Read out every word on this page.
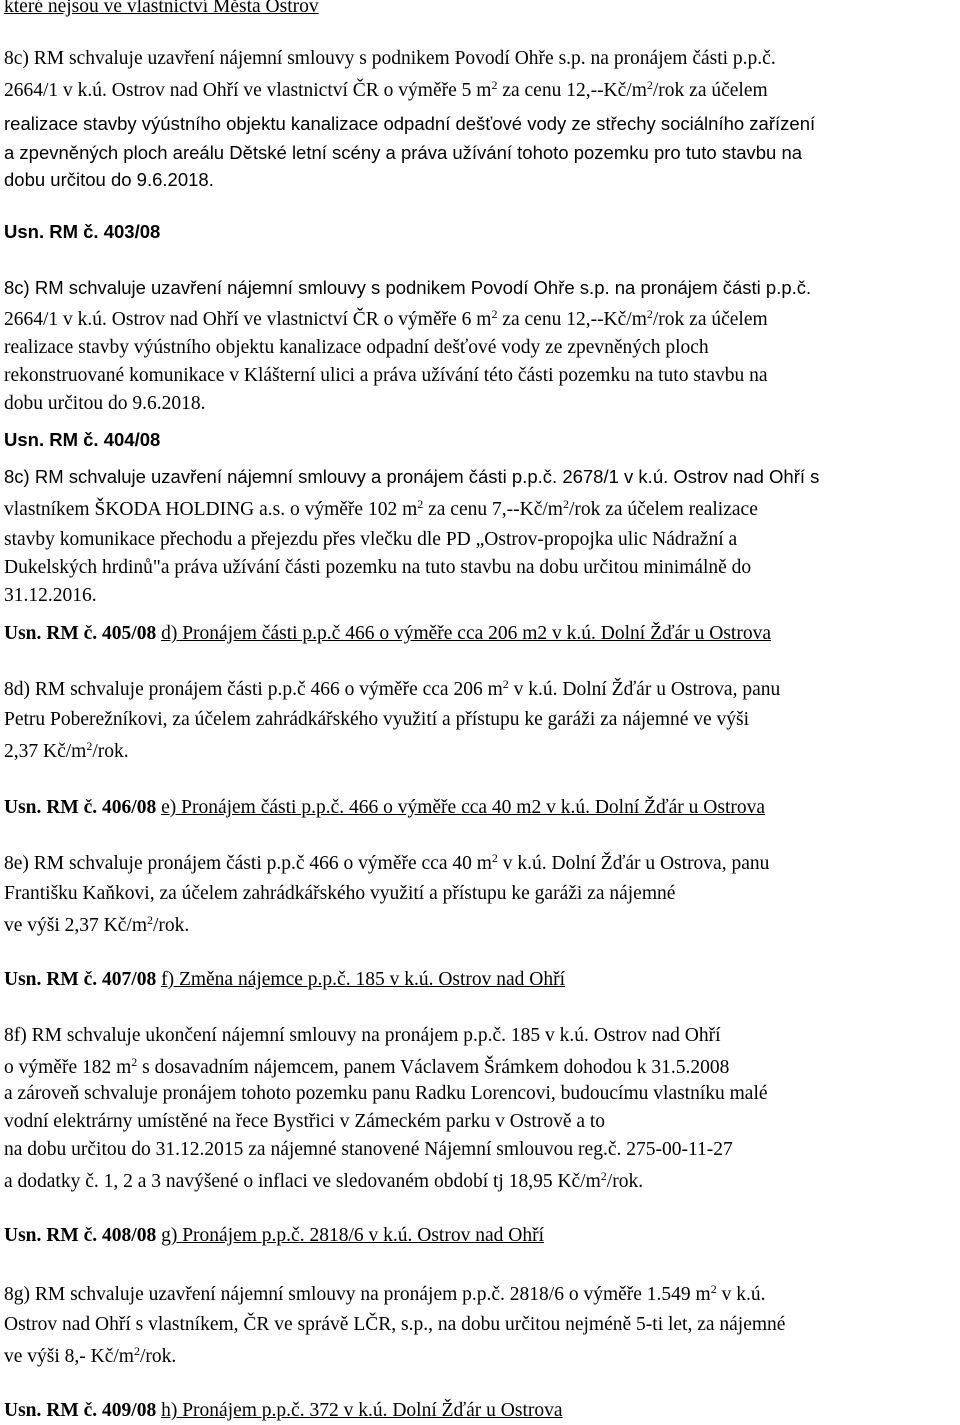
které nejsou ve vlastnictví Města Ostrov

8c) RM schvaluje uzavření nájemní smlouvy s podnikem Povodí Ohře s.p. na pronájem části p.p.č.

2664/1 v k.ú. Ostrov nad Ohří ve vlastnictví ČR o výměře 5 $m^2$ za cenu $12,--Kč/m^2$/rok za účelem

realizace stavby výústního objektu kanalizace odpadní dešťové vody ze střechy sociálního zařízení

a zpevněných ploch areálu Dětské letní scény a práva užívání tohoto pozemku pro tuto stavbu na

dobu určitou do 9.6.2018.

Usn. RM č. 403/08

8c) RM schvaluje uzavření nájemní smlouvy s podnikem Povodí Ohře s.p. na pronájem části p.p.č.

2664/1 v k.ú. Ostrov nad Ohří ve vlastnictví ČR o výměře 6 $m^2$ za cenu $12,--Kč/m^2$/rok za účelem

realizace stavby výústního objektu kanalizace odpadní dešťové vody ze zpevněných ploch

rekonstruované komunikace v Klášterní ulici a práva užívání této části pozemku na tuto stavbu na

dobu určitou do 9.6.2018.

Usn. RM č. 404/08

8c) RM schvaluje uzavření nájemní smlouvy a pronájem části p.p.č. 2678/1 v k.ú. Ostrov nad Ohří s

vlastníkem ŠKODA HOLDING a.s. o výměře 102 $m^2$ za cenu $7,--Kč/m^2$/rok za účelem realizace

stavby komunikace přechodu a přejezdu přes vlečku dle PD „Ostrov-propojka ulic Nádražní a

Dukelských hrdinů"a práva užívání části pozemku na tuto stavbu na dobu určitou minimálně do

31.12.2016.

Usn. RM č. 405/08 d) Pronájem části p.p.č 466 o výměře cca 206 m2 v k.ú. Dolní Žďár u Ostrova

8d) RM schvaluje pronájem části p.p.č 466 o výměře cca 206 $m^2$ v k.ú. Dolní Žďár u Ostrova, panu

Petru Poberežníkovi, za účelem zahrádkářského využití a přístupu ke garáži za nájemné ve výši

2,37 $Kč/m^2$/rok.

Usn. RM č. 406/08 e) Pronájem části p.p.č. 466 o výměře cca 40 m2 v k.ú. Dolní Žďár u Ostrova

8e) RM schvaluje pronájem části p.p.č 466 o výměře cca 40 $m^2$ v k.ú. Dolní Žďár u Ostrova, panu

Františku Kaňkovi, za účelem zahrádkářského využití a přístupu ke garáži za nájemné

ve výši 2,37 $Kč/m^2$/rok.

Usn. RM č. 407/08 f) Změna nájemce p.p.č. 185 v k.ú. Ostrov nad Ohří

8f) RM schvaluje ukončení nájemní smlouvy na pronájem p.p.č. 185 v k.ú. Ostrov nad Ohří

o výměře 182 $m^2$ s dosavadním nájemcem, panem Václavem Šrámkem dohodou k 31.5.2008

a zároveň schvaluje pronájem tohoto pozemku panu Radku Lorencovi, budoucímu vlastníku malé

vodní elektrárny umístěné na řece Bystřici v Zámeckém parku v Ostrově a to

na dobu určitou do 31.12.2015 za nájemné stanovené Nájemní smlouvou reg.č. 275-00-11-27

a dodatky č. 1, 2 a 3 navýšené o inflaci ve sledovaném období tj 18,95 $Kč/m^2$/rok.

Usn. RM č. 408/08 g) Pronájem p.p.č. 2818/6 v k.ú. Ostrov nad Ohří

8g) RM schvaluje uzavření nájemní smlouvy na pronájem p.p.č. 2818/6 o výměře 1.549 $m^2$ v k.ú.

Ostrov nad Ohří s vlastníkem, ČR ve správě LČR, s.p., na dobu určitou nejméně 5-ti let, za nájemné

ve výši 8,- $Kč/m^2$/rok.

Usn. RM č. 409/08 h) Pronájem p.p.č. 372 v k.ú. Dolní Žďár u Ostrova
